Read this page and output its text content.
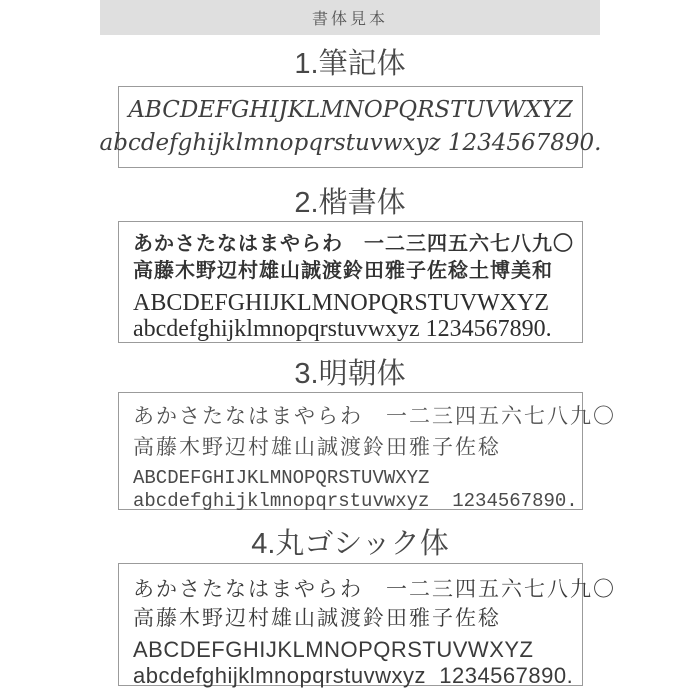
書体見本
1.筆記体
ABCDEFGHIJKLMNOPQRSTUVWXYZ
abcdefghijklmnopqrstuvwxyz 1234567890.
2.楷書体
あかさたなはまやらわ　一二三四五六七八九〇
高藤木野辺村雄山誠渡鈴田雅子佐稔土博美和
ABCDEFGHIJKLMNOPQRSTUVWXYZ
abcdefghijklmnopqrstuvwxyz 1234567890.
3.明朝体
あかさたなはまやらわ　一二三四五六七八九〇
高藤木野辺村雄山誠渡鈴田雅子佐稔
ABCDEFGHIJKLMNOPQRSTUVWXYZ
abcdefghijklmnopqrstuvwxyz  1234567890.
4.丸ゴシック体
あかさたなはまやらわ　一二三四五六七八九〇
高藤木野辺村雄山誠渡鈴田雅子佐稔
ABCDEFGHIJKLMNOPQRSTUVWXYZ
abcdefghijklmnopqrstuvwxyz  1234567890.
